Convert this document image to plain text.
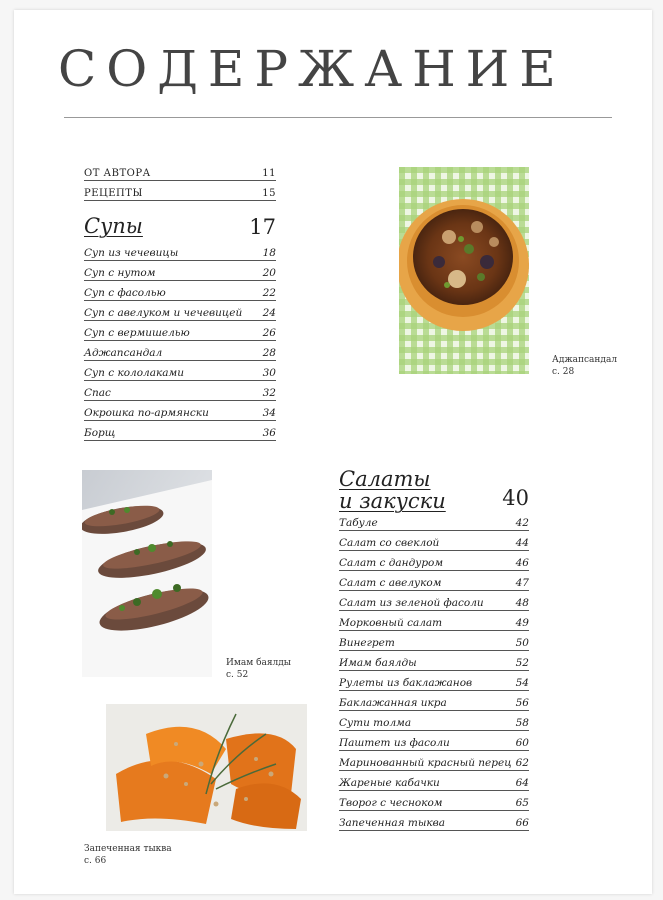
СОДЕРЖАНИЕ
ОТ АВТОРА	11
РЕЦЕПТЫ	15
Супы	17
Суп из чечевицы	18
Суп с нутом	20
Суп с фасолью	22
Суп с авелуком и чечевицей 24
Суп с вермишелью	26
Аджапсандал	28
Суп с кололаками	30
Спас	32
Окрошка по-армянски	34
Борщ	36
Салаты
и закуски	40
Табуле	42
Салат со свеклой	44
Салат с дандуром	46
Салат с авелуком	47
Салат из зеленой фасоли	48
Морковный салат	49
Винегрет	50
Имам баялды	52
Рулеты из баклажанов	54
Баклажанная икра	56
Сути толма	58
Паштет из фасоли	60
Маринованный красный перец 62
Жареные кабачки	64
Творог с чесноком	65
Запеченная тыква	66
Аджапсандал
с. 28
Имам баялды
с. 52
Запеченная тыква
с. 66
